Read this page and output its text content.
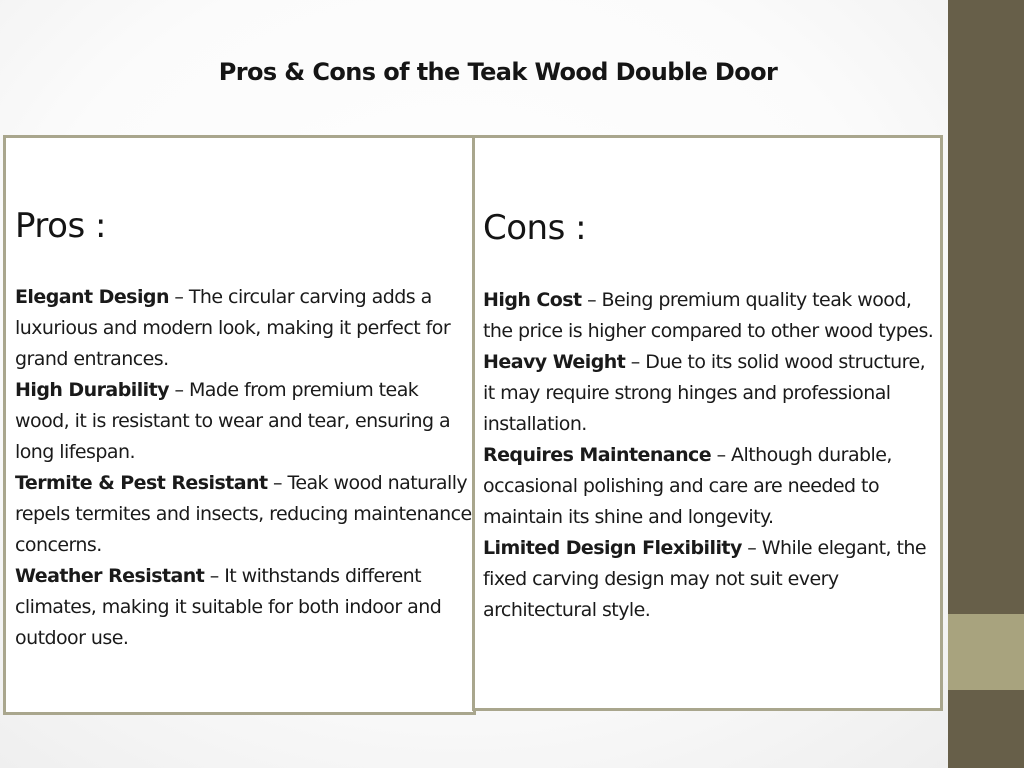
Pros & Cons of the Teak Wood Double Door
Pros :
Elegant Design – The circular carving adds a luxurious and modern look, making it perfect for grand entrances.
High Durability – Made from premium teak wood, it is resistant to wear and tear, ensuring a long lifespan.
Termite & Pest Resistant – Teak wood naturally repels termites and insects, reducing maintenance concerns.
Weather Resistant – It withstands different climates, making it suitable for both indoor and outdoor use.
Cons :
High Cost – Being premium quality teak wood, the price is higher compared to other wood types.
Heavy Weight – Due to its solid wood structure, it may require strong hinges and professional installation.
Requires Maintenance – Although durable, occasional polishing and care are needed to maintain its shine and longevity.
Limited Design Flexibility – While elegant, the fixed carving design may not suit every architectural style.
